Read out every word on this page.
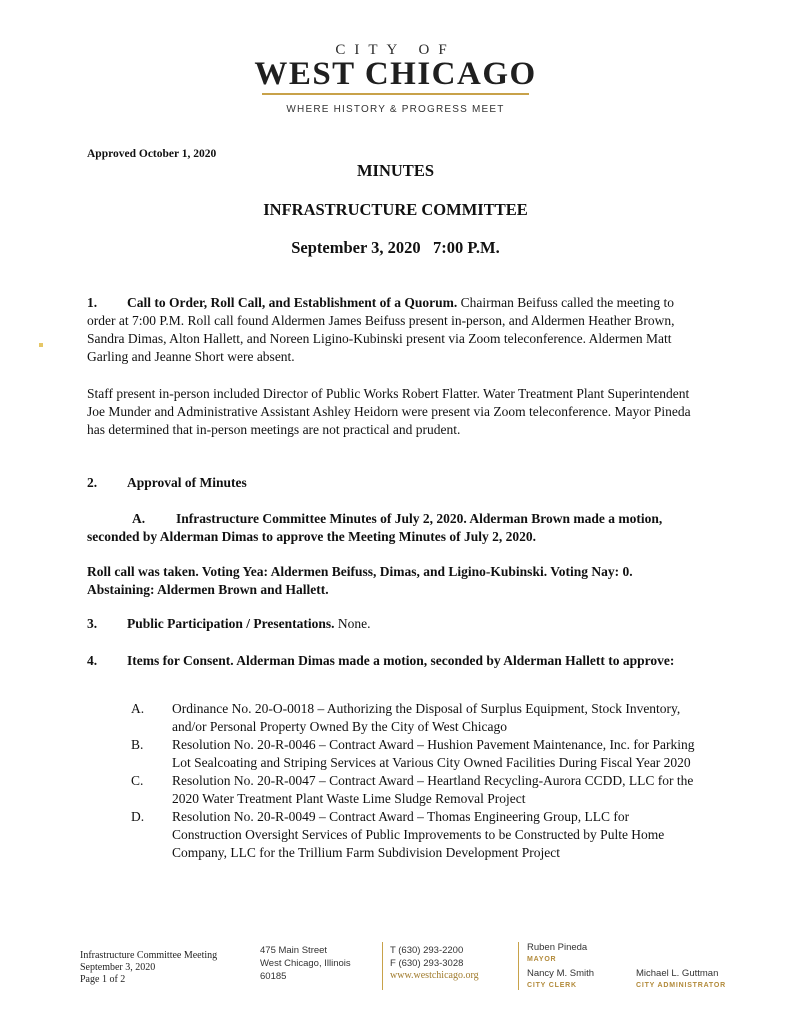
CITY OF
WEST CHICAGO
WHERE HISTORY & PROGRESS MEET
Approved October 1, 2020
MINUTES
INFRASTRUCTURE COMMITTEE
September 3, 2020   7:00 P.M.
1. Call to Order, Roll Call, and Establishment of a Quorum. Chairman Beifuss called the meeting to order at 7:00 P.M. Roll call found Aldermen James Beifuss present in-person, and Aldermen Heather Brown, Sandra Dimas, Alton Hallett, and Noreen Ligino-Kubinski present via Zoom teleconference. Aldermen Matt Garling and Jeanne Short were absent.
Staff present in-person included Director of Public Works Robert Flatter. Water Treatment Plant Superintendent Joe Munder and Administrative Assistant Ashley Heidorn were present via Zoom teleconference. Mayor Pineda has determined that in-person meetings are not practical and prudent.
2. Approval of Minutes
A. Infrastructure Committee Minutes of July 2, 2020. Alderman Brown made a motion, seconded by Alderman Dimas to approve the Meeting Minutes of July 2, 2020.
Roll call was taken. Voting Yea: Aldermen Beifuss, Dimas, and Ligino-Kubinski. Voting Nay: 0. Abstaining: Aldermen Brown and Hallett.
3. Public Participation / Presentations. None.
4. Items for Consent. Alderman Dimas made a motion, seconded by Alderman Hallett to approve:
A. Ordinance No. 20-O-0018 – Authorizing the Disposal of Surplus Equipment, Stock Inventory, and/or Personal Property Owned By the City of West Chicago
B. Resolution No. 20-R-0046 – Contract Award – Hushion Pavement Maintenance, Inc. for Parking Lot Sealcoating and Striping Services at Various City Owned Facilities During Fiscal Year 2020
C. Resolution No. 20-R-0047 – Contract Award – Heartland Recycling-Aurora CCDD, LLC for the 2020 Water Treatment Plant Waste Lime Sludge Removal Project
D. Resolution No. 20-R-0049 – Contract Award – Thomas Engineering Group, LLC for Construction Oversight Services of Public Improvements to be Constructed by Pulte Home Company, LLC for the Trillium Farm Subdivision Development Project
Infrastructure Committee Meeting
September 3, 2020
Page 1 of 2
475 Main Street
West Chicago, Illinois
60185
T (630) 293-2200
F (630) 293-3028
www.westchicago.org
Ruben Pineda
MAYOR
Nancy M. Smith
CITY CLERK
Michael L. Guttman
CITY ADMINISTRATOR
